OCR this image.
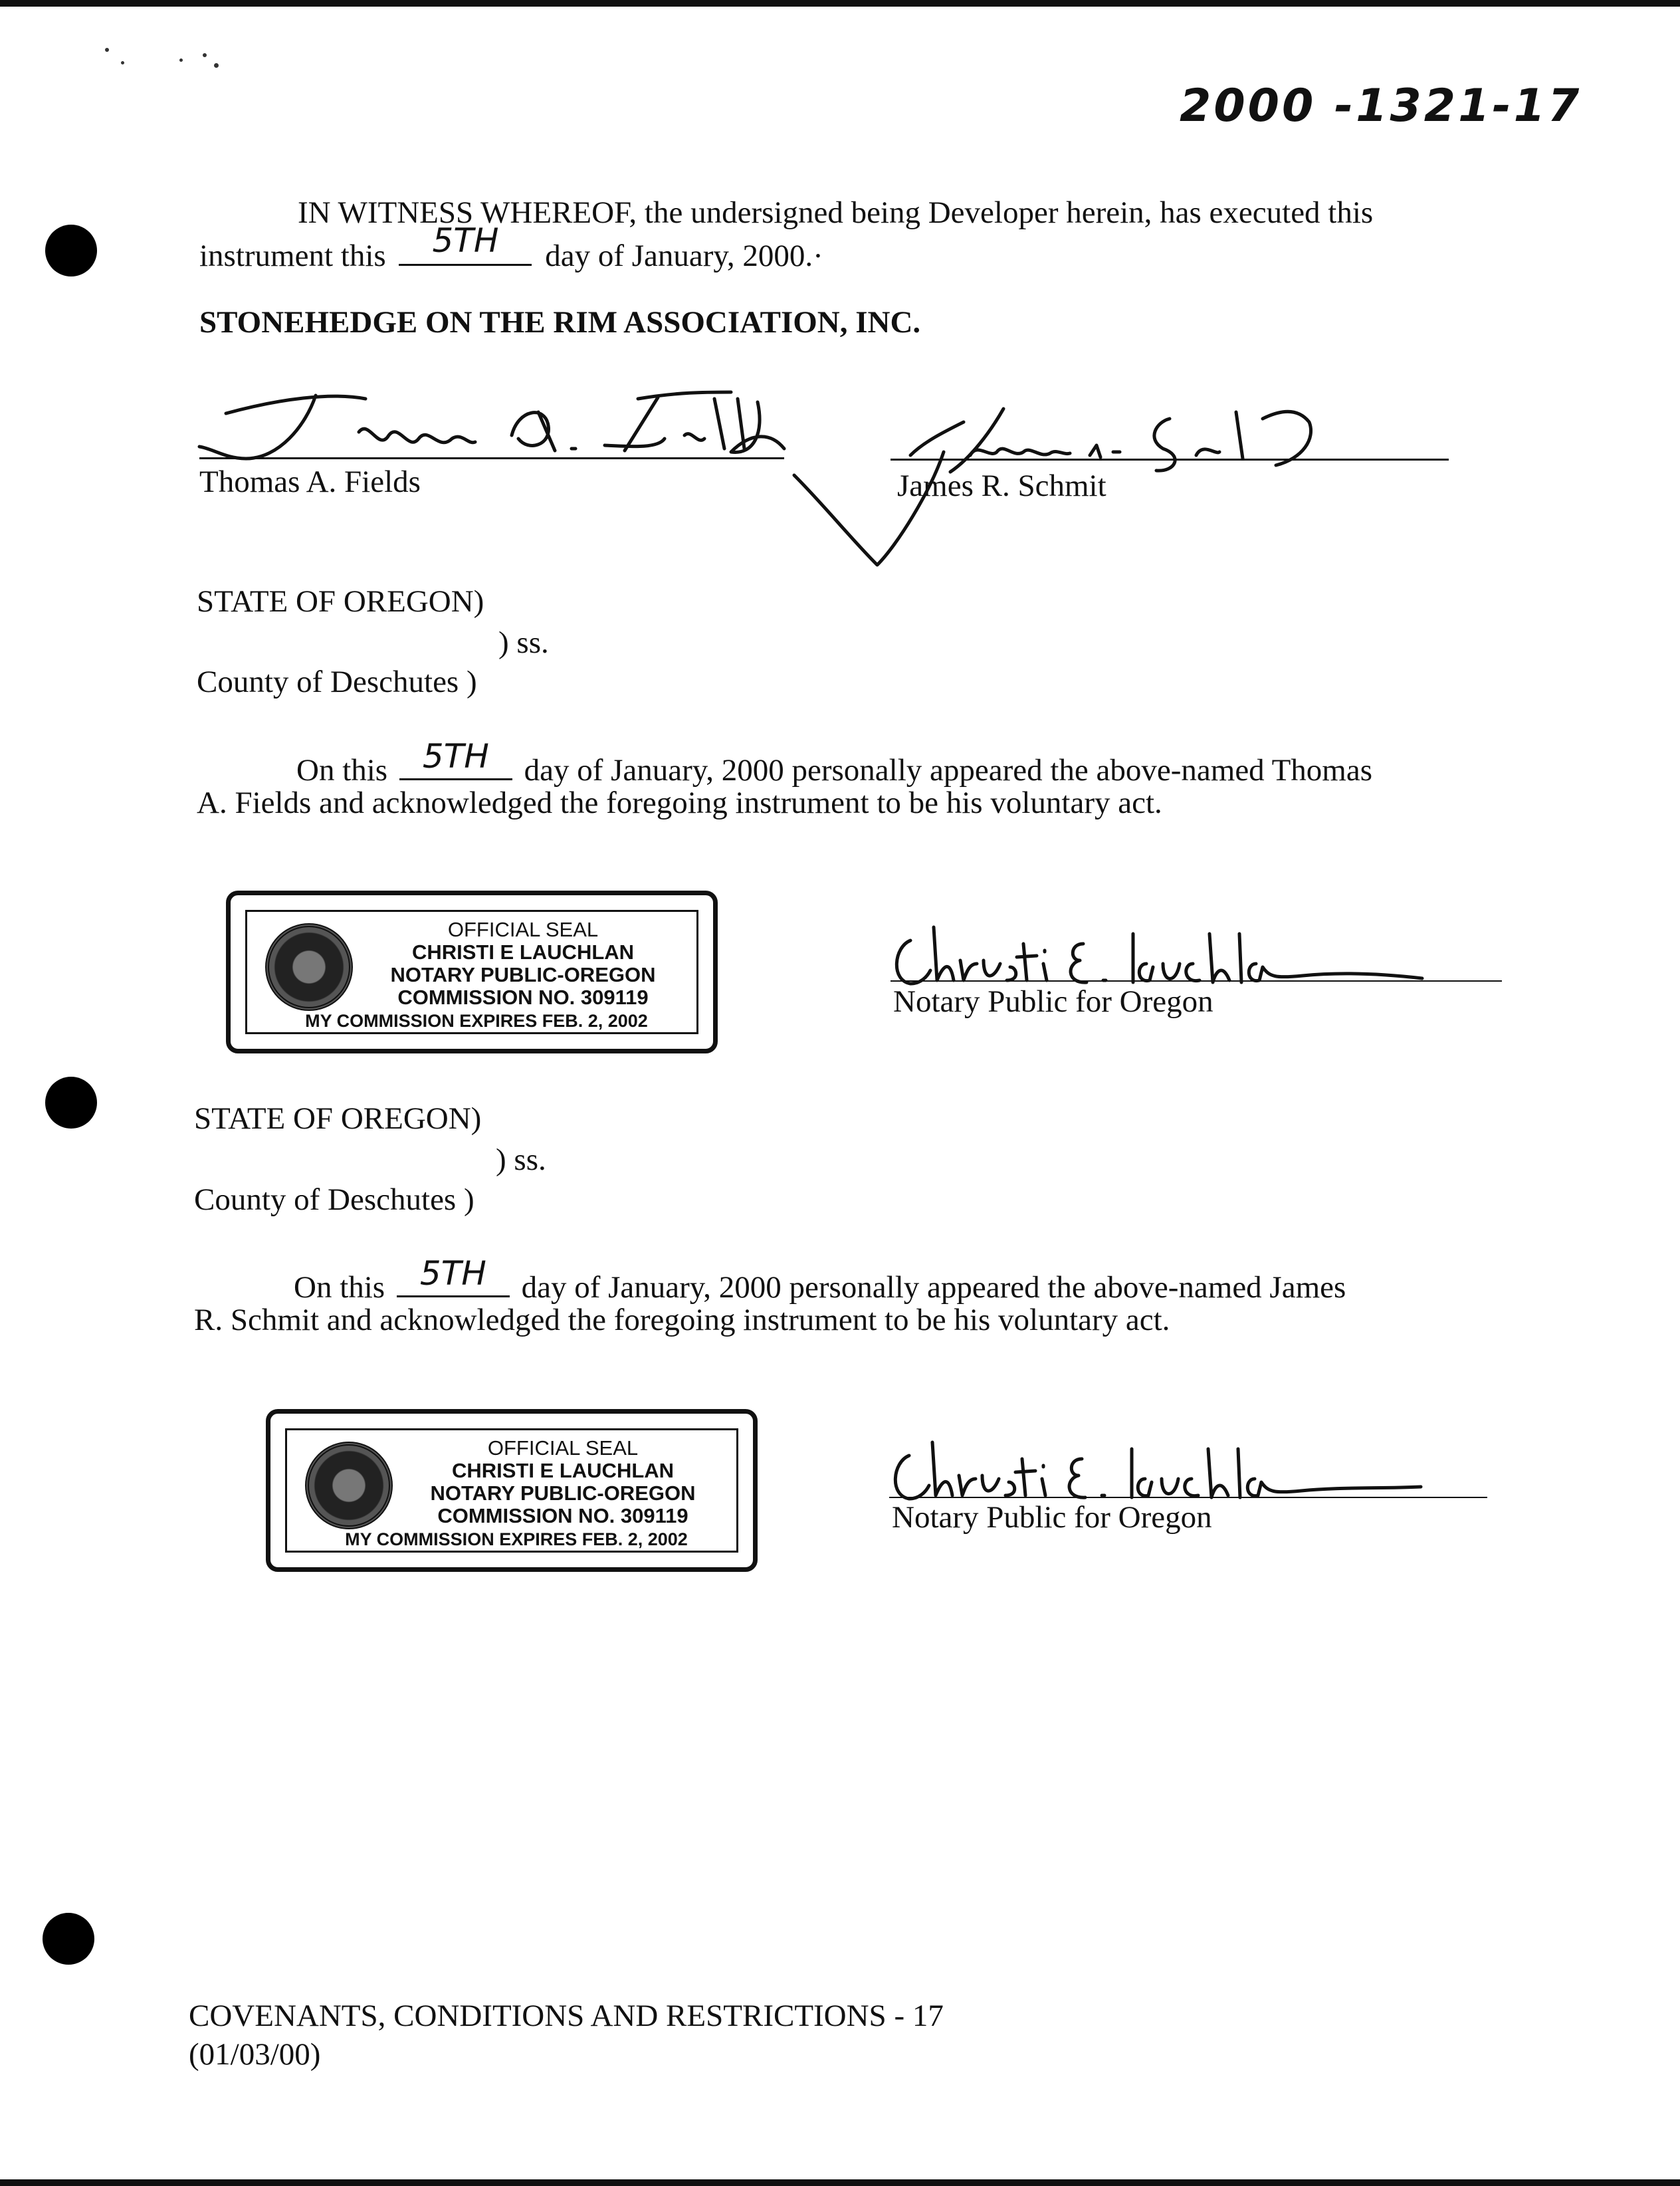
2000 -1321-17
IN WITNESS WHEREOF, the undersigned being Developer herein, has executed this
instrument this 5TH day of January, 2000.·
STONEHEDGE ON THE RIM ASSOCIATION, INC.
Thomas A. Fields	James R. Schmit
STATE OF OREGON)
) ss.
County of Deschutes )
On this 5TH day of January, 2000 personally appeared the above-named Thomas
A. Fields and acknowledged the foregoing instrument to be his voluntary act.
OFFICIAL SEAL
CHRISTI E LAUCHLAN
NOTARY PUBLIC-OREGON
COMMISSION NO. 309119
MY COMMISSION EXPIRES FEB. 2, 2002
Notary Public for Oregon
STATE OF OREGON)
) ss.
County of Deschutes )
On this 5TH day of January, 2000 personally appeared the above-named James
R. Schmit and acknowledged the foregoing instrument to be his voluntary act.
OFFICIAL SEAL
CHRISTI E LAUCHLAN
NOTARY PUBLIC-OREGON
COMMISSION NO. 309119
MY COMMISSION EXPIRES FEB. 2, 2002
Notary Public for Oregon
COVENANTS, CONDITIONS AND RESTRICTIONS - 17
(01/03/00)
